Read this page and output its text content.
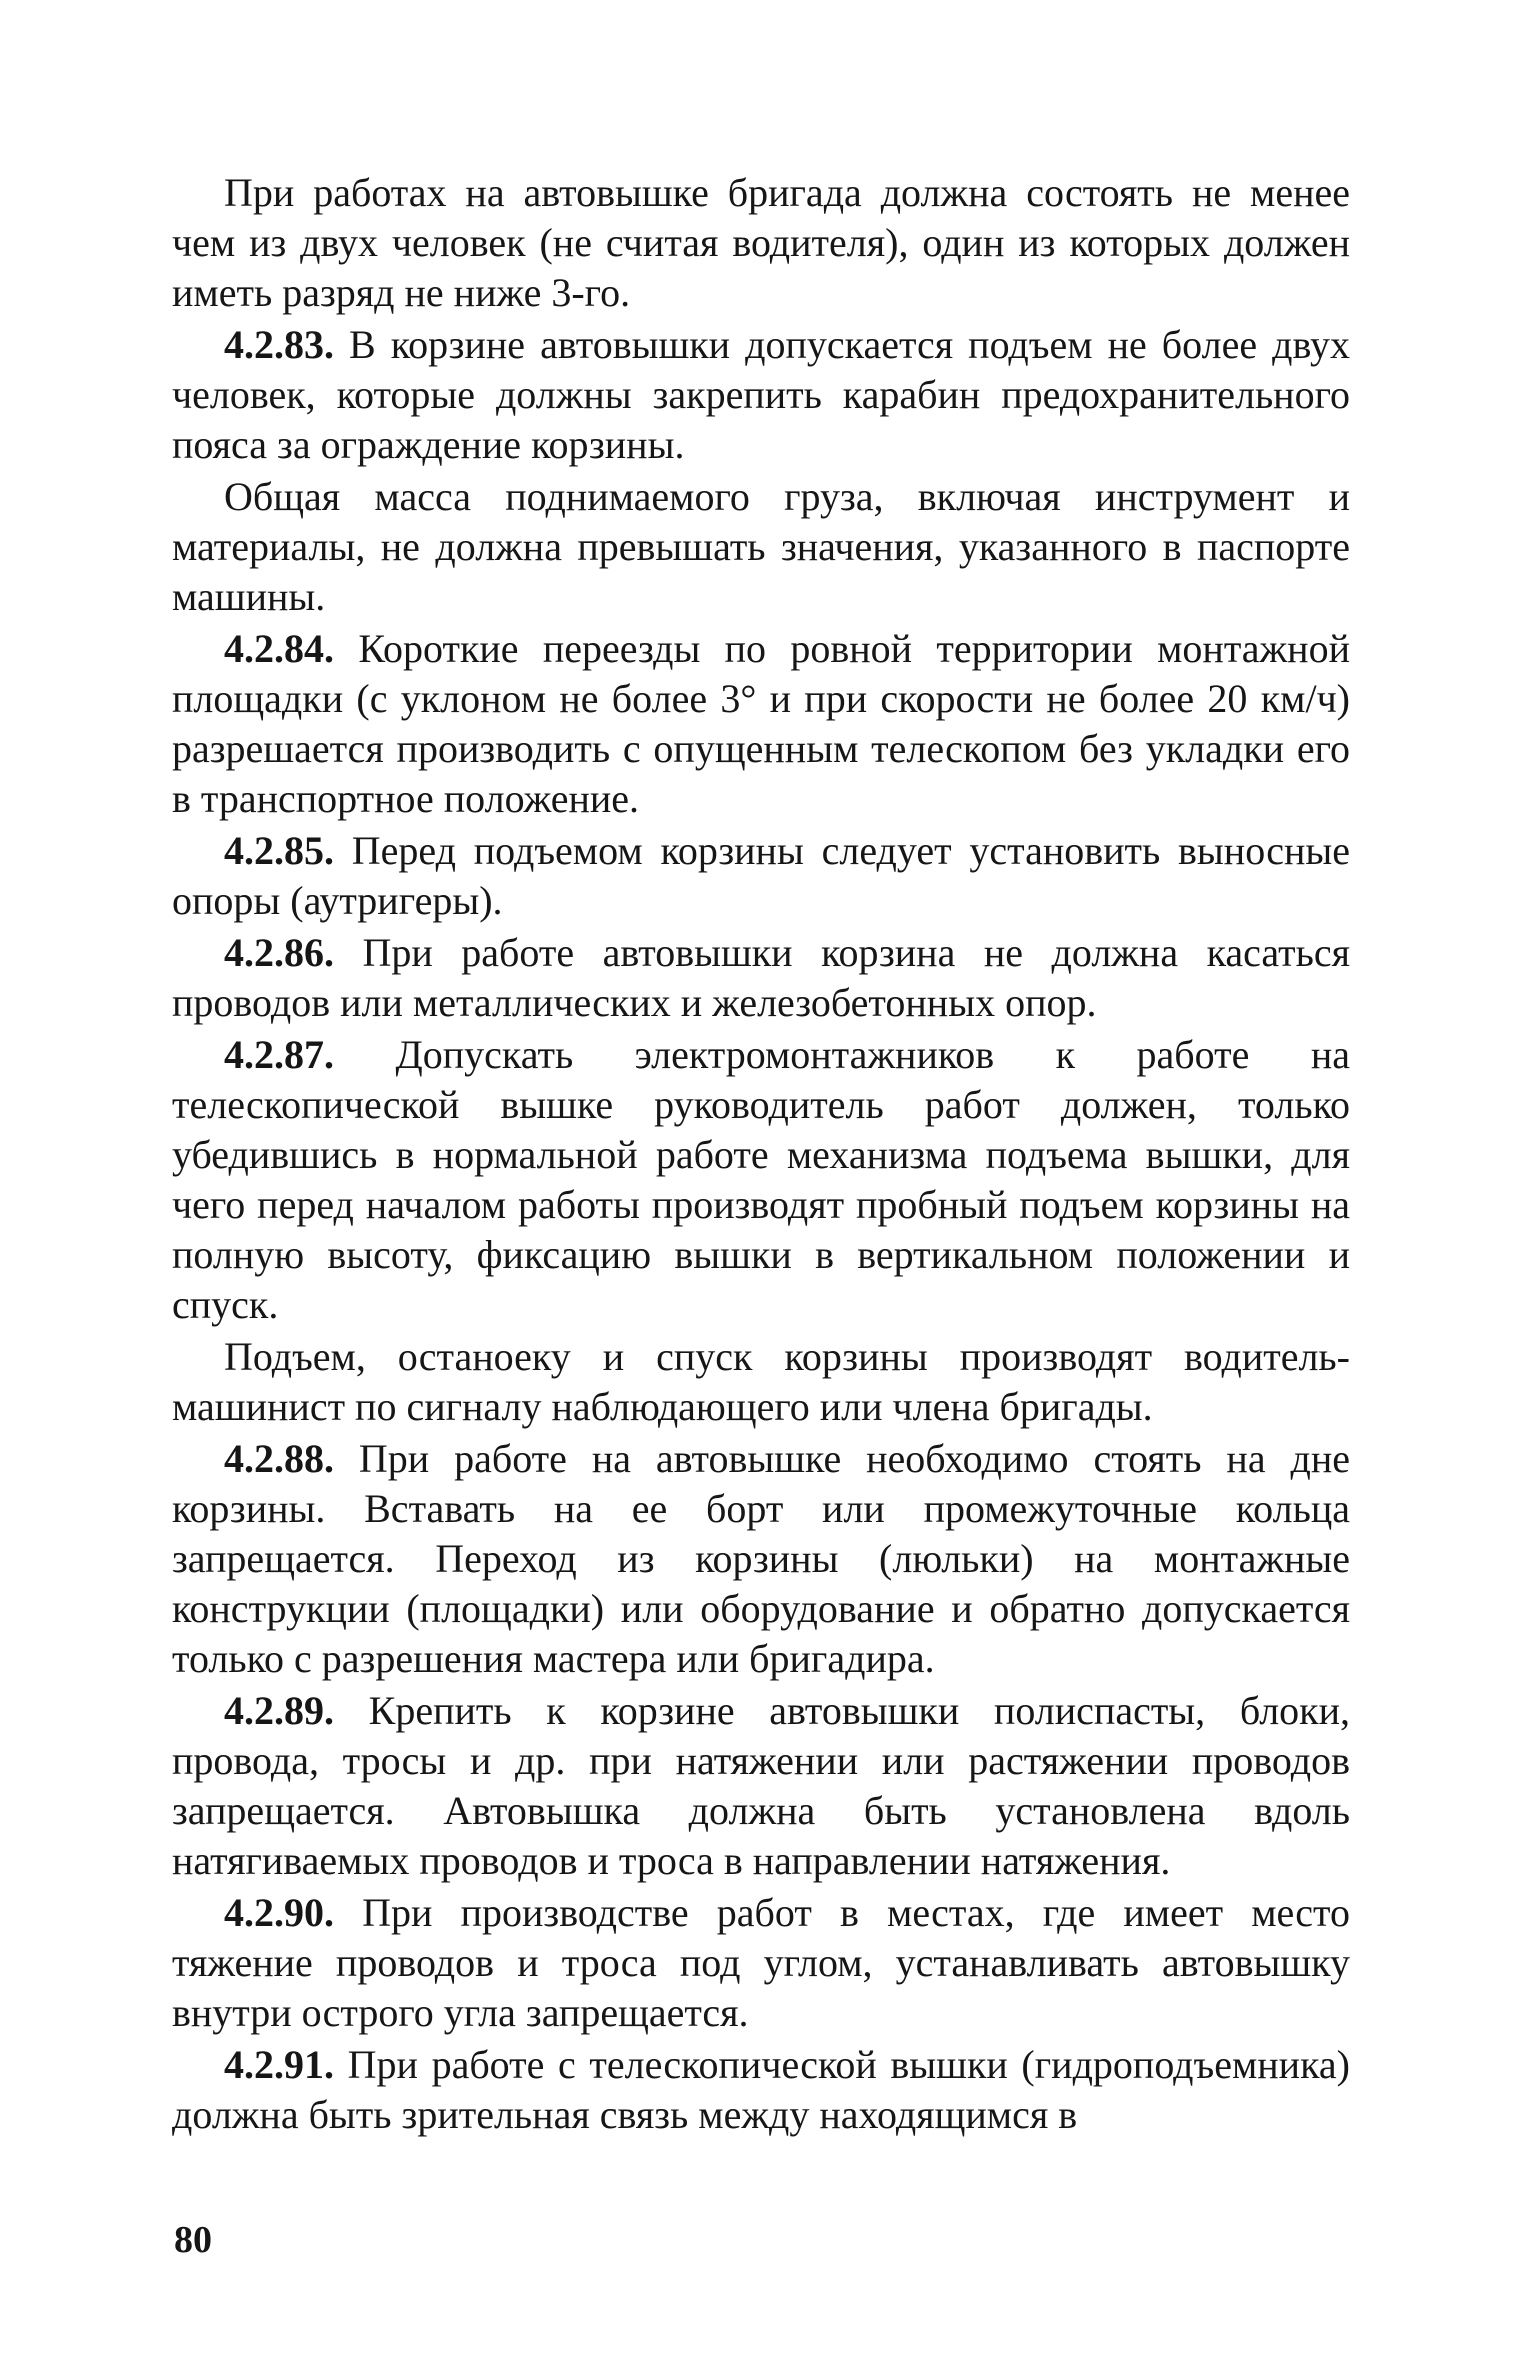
При работах на автовышке бригада должна состоять не менее чем из двух человек (не считая водителя), один из которых должен иметь разряд не ниже 3-го.

4.2.83. В корзине автовышки допускается подъем не более двух человек, которые должны закрепить карабин предохранительного пояса за ограждение корзины.

Общая масса поднимаемого груза, включая инструмент и материалы, не должна превышать значения, указанного в паспорте машины.

4.2.84. Короткие переезды по ровной территории монтажной площадки (с уклоном не более 3° и при скорости не более 20 км/ч) разрешается производить с опущенным телескопом без укладки его в транспортное положение.

4.2.85. Перед подъемом корзины следует установить выносные опоры (аутригеры).

4.2.86. При работе автовышки корзина не должна касаться проводов или металлических и железобетонных опор.

4.2.87. Допускать электромонтажников к работе на телескопической вышке руководитель работ должен, только убедившись в нормальной работе механизма подъема вышки, для чего перед началом работы производят пробный подъем корзины на полную высоту, фиксацию вышки в вертикальном положении и спуск.

Подъем, останоеку и спуск корзины производят водитель-машинист по сигналу наблюдающего или члена бригады.

4.2.88. При работе на автовышке необходимо стоять на дне корзины. Вставать на ее борт или промежуточные кольца запрещается. Переход из корзины (люльки) на монтажные конструкции (площадки) или оборудование и обратно допускается только с разрешения мастера или бригадира.

4.2.89. Крепить к корзине автовышки полиспасты, блоки, провода, тросы и др. при натяжении или растяжении проводов запрещается. Автовышка должна быть установлена вдоль натягиваемых проводов и троса в направлении натяжения.

4.2.90. При производстве работ в местах, где имеет место тяжение проводов и троса под углом, устанавливать автовышку внутри острого угла запрещается.

4.2.91. При работе с телескопической вышки (гидроподъемника) должна быть зрительная связь между находящимся в

80
